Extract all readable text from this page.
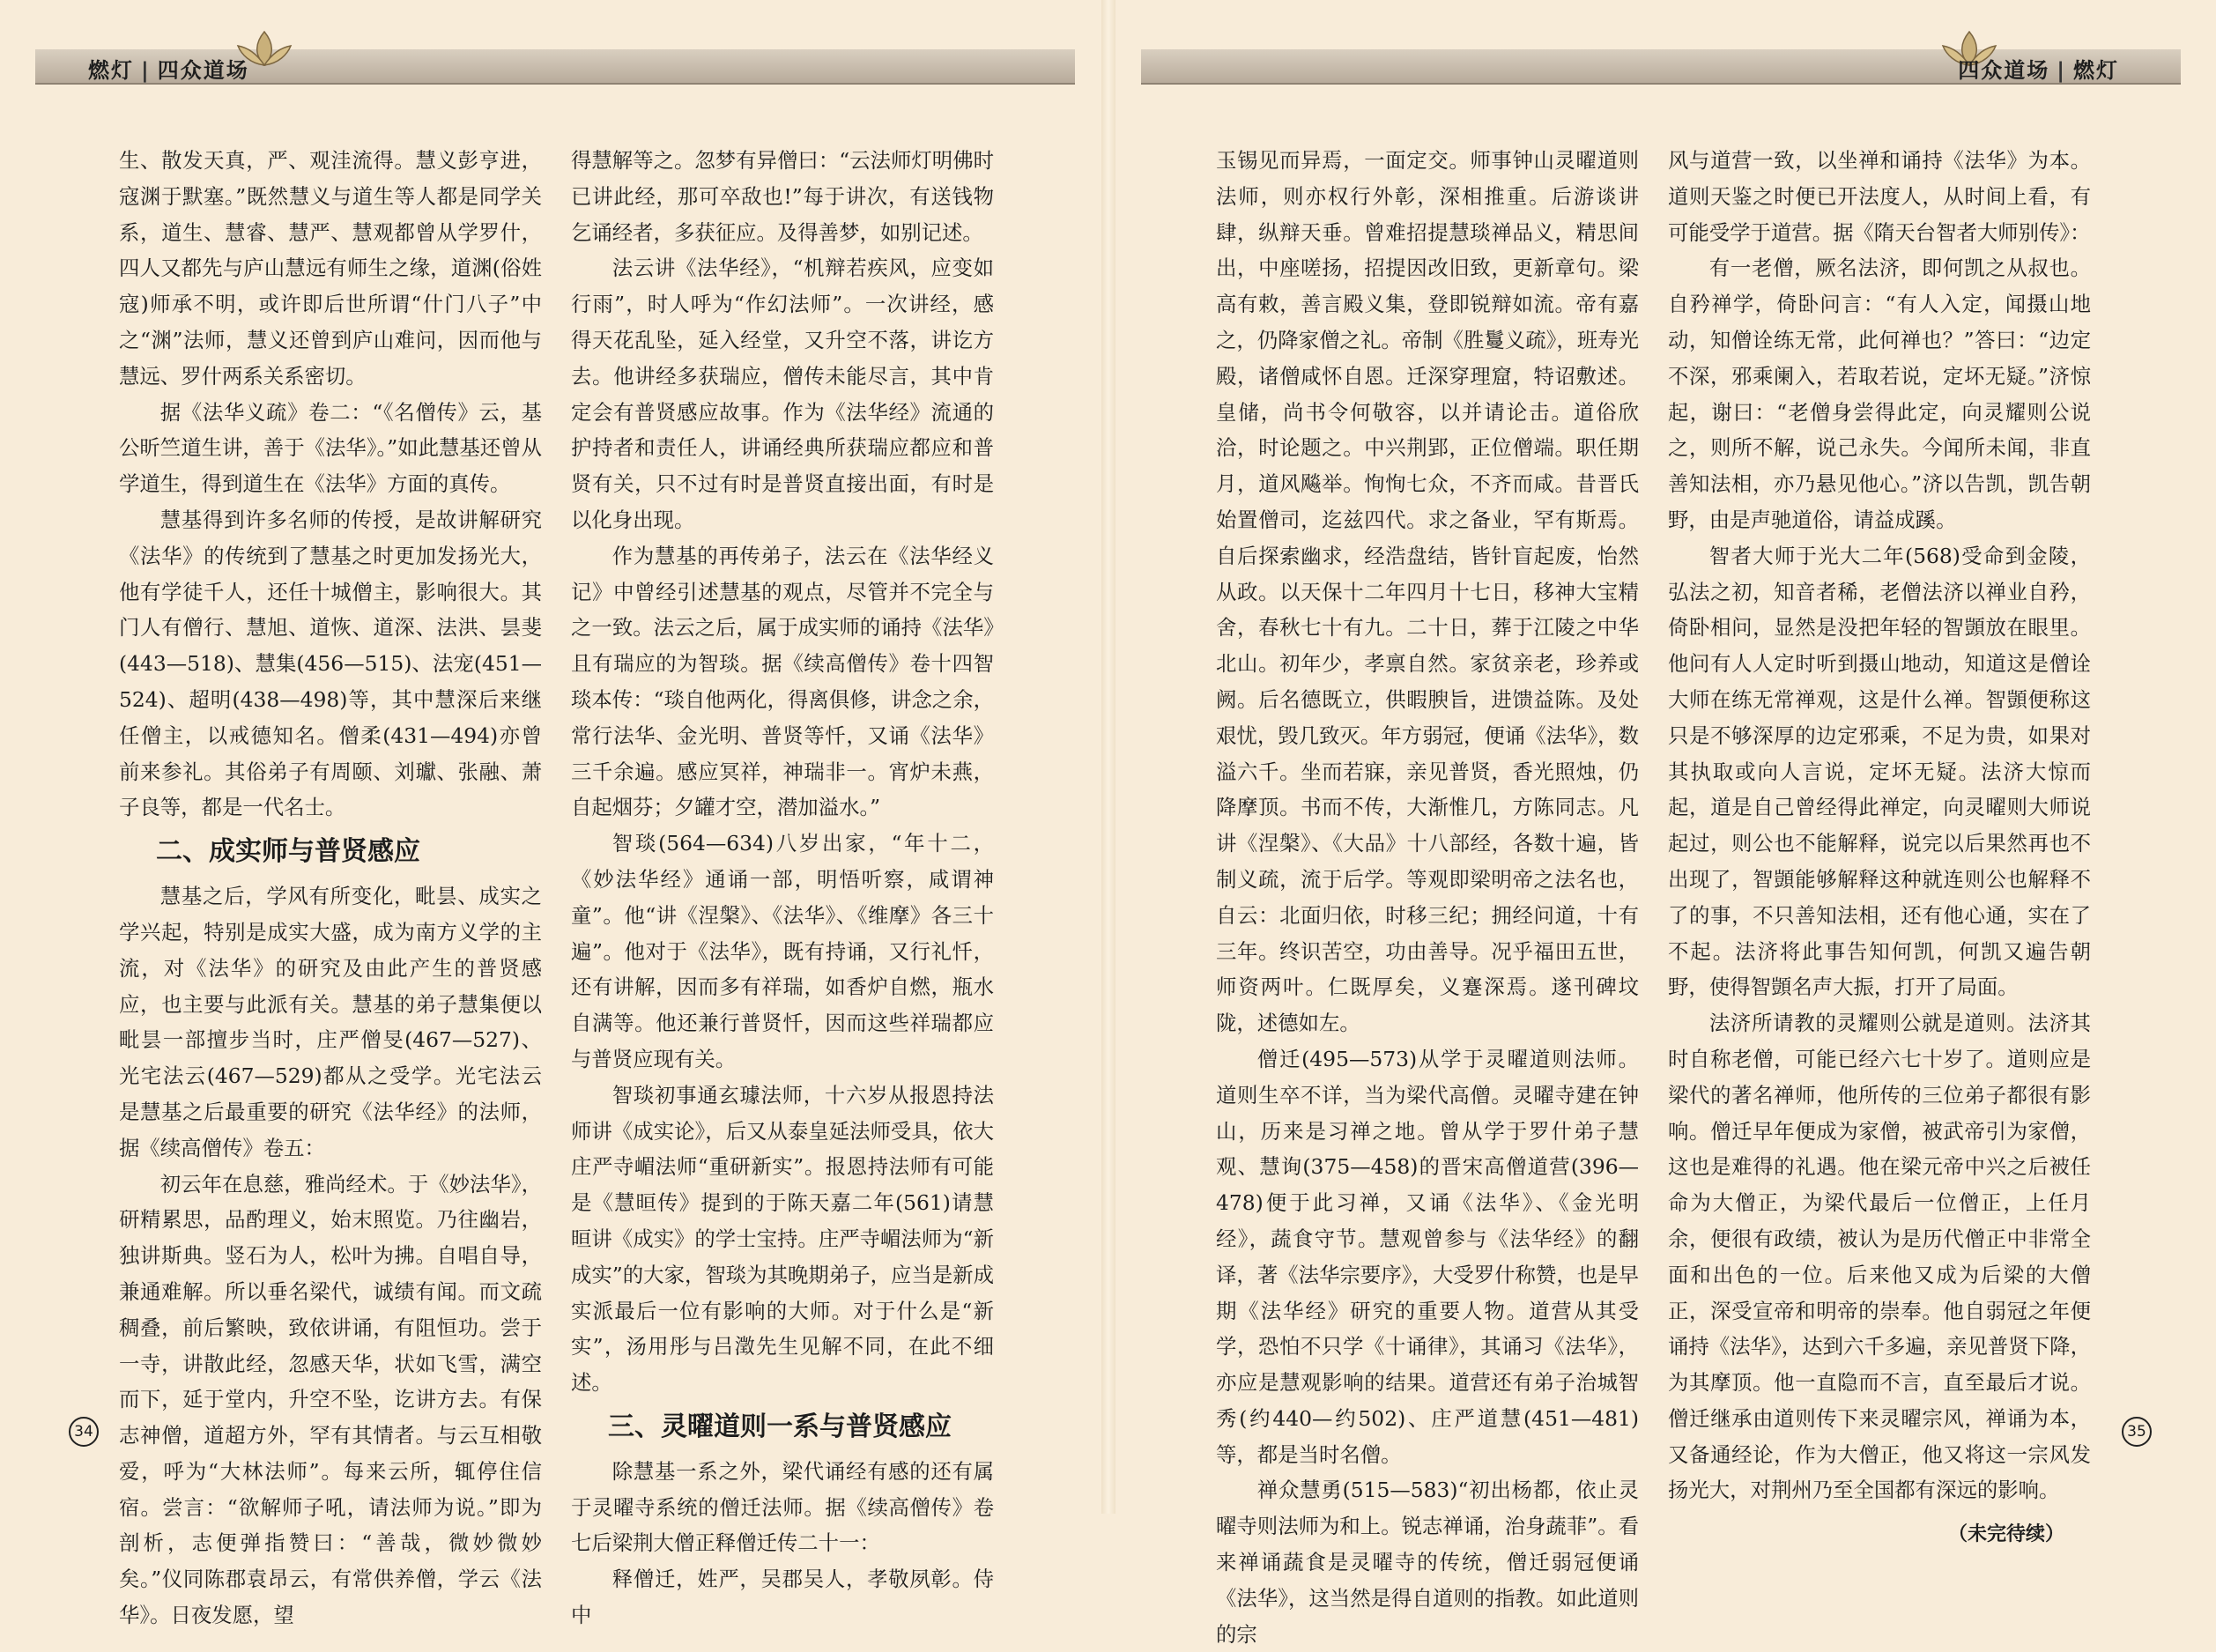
燃灯 | 四众道场	四众道场 | 燃灯

生、散发天真，严、观洼流得。慧义彭亨进，寇渊于默塞。”既然慧义与道生等人都是同学关系，道生、慧睿、慧严、慧观都曾从学罗什，四人又都先与庐山慧远有师生之缘，道渊(俗姓寇)师承不明，或许即后世所谓“什门八子”中之“渊”法师，慧义还曾到庐山难问，因而他与慧远、罗什两系关系密切。

据《法华义疏》卷二：“《名僧传》云，基公昕竺道生讲，善于《法华》。”如此慧基还曾从学道生，得到道生在《法华》方面的真传。

慧基得到许多名师的传授，是故讲解研究《法华》的传统到了慧基之时更加发扬光大，他有学徒千人，还任十城僧主，影响很大。其门人有僧行、慧旭、道恢、道深、法洪、昙斐(443—518)、慧集(456—515)、法宠(451—524)、超明(438—498)等，其中慧深后来继任僧主，以戒德知名。僧柔(431—494)亦曾前来参礼。其俗弟子有周颐、刘瓛、张融、萧子良等，都是一代名士。

二、成实师与普贤感应

慧基之后，学风有所变化，毗昙、成实之学兴起，特别是成实大盛，成为南方义学的主流，对《法华》的研究及由此产生的普贤感应，也主要与此派有关。慧基的弟子慧集便以毗昙一部擅步当时，庄严僧旻(467—527)、光宅法云(467—529)都从之受学。光宅法云是慧基之后最重要的研究《法华经》的法师，据《续高僧传》卷五：

初云年在息慈，雅尚经术。于《妙法华》，研精累思，品酌理义，始末照览。乃往幽岩，独讲斯典。竖石为人，松叶为拂。自唱自导，兼通难解。所以垂名梁代，诚绩有闻。而文疏稠叠，前后繁映，致依讲诵，有阻恒功。尝于一寺，讲散此经，忽感天华，状如飞雪，满空而下，延于堂内，升空不坠，讫讲方去。有保志神僧，道超方外，罕有其情者。与云互相敬爱，呼为“大林法师”。每来云所，辄停住信宿。尝言：“欲解师子吼，请法师为说。”即为剖析，志便弹指赞曰：“善哉，微妙微妙矣。”仪同陈郡袁昂云，有常供养僧，学云《法华》。日夜发愿，望

得慧解等之。忽梦有异僧曰：“云法师灯明佛时已讲此经，那可卒敌也!”每于讲次，有送钱物乞诵经者，多获征应。及得善梦，如别记述。

法云讲《法华经》，“机辩若疾风，应变如行雨”，时人呼为“作幻法师”。一次讲经，感得天花乱坠，延入经堂，又升空不落，讲讫方去。他讲经多获瑞应，僧传未能尽言，其中肯定会有普贤感应故事。作为《法华经》流通的护持者和责任人，讲诵经典所获瑞应都应和普贤有关，只不过有时是普贤直接出面，有时是以化身出现。

作为慧基的再传弟子，法云在《法华经义记》中曾经引述慧基的观点，尽管并不完全与之一致。法云之后，属于成实师的诵持《法华》且有瑞应的为智琰。据《续高僧传》卷十四智琰本传：“琰自他两化，得离俱修，讲念之余，常行法华、金光明、普贤等忏，又诵《法华》三千余遍。感应冥祥，神瑞非一。宵炉未燕，自起烟芬；夕罐才空，潜加溢水。”

智琰(564—634)八岁出家，“年十二，《妙法华经》通诵一部，明悟听察，咸谓神童”。他“讲《涅槃》、《法华》、《维摩》各三十遍”。他对于《法华》，既有持诵，又行礼忏，还有讲解，因而多有祥瑞，如香炉自燃，瓶水自满等。他还兼行普贤忏，因而这些祥瑞都应与普贤应现有关。

智琰初事通玄璩法师，十六岁从报恩持法师讲《成实论》，后又从泰皇延法师受具，依大庄严寺嵋法师“重研新实”。报恩持法师有可能是《慧晅传》提到的于陈天嘉二年(561)请慧晅讲《成实》的学士宝持。庄严寺嵋法师为“新成实”的大家，智琰为其晚期弟子，应当是新成实派最后一位有影响的大师。对于什么是“新实”，汤用彤与吕澂先生见解不同，在此不细述。

三、灵曜道则一系与普贤感应

除慧基一系之外，梁代诵经有感的还有属于灵曜寺系统的僧迁法师。据《续高僧传》卷七后梁荆大僧正释僧迁传二十一：

释僧迁，姓严，吴郡吴人，孝敬夙彰。侍中

玉锡见而异焉，一面定交。师事钟山灵曜道则法师，则亦权行外彰，深相推重。后游谈讲肆，纵辩天垂。曾难招提慧琰禅品义，精思间出，中座嗟扬，招提因改旧致，更新章句。梁高有敕，善言殿义集，登即锐辩如流。帝有嘉之，仍降家僧之礼。帝制《胜鬘义疏》，班寿光殿，诸僧咸怀自恩。迁深穿理窟，特诏敷述。皇储，尚书令何敬容，以并请论击。道俗欣洽，时论题之。中兴荆郢，正位僧端。职任期月，道风飚举。恂恂七众，不齐而咸。昔晋氏始置僧司，迄兹四代。求之备业，罕有斯焉。自后探索幽求，经浩盘结，皆针盲起废，怡然从政。以天保十二年四月十七日，移神大宝精舍，春秋七十有九。二十日，葬于江陵之中华北山。初年少，孝禀自然。家贫亲老，珍养或阙。后名德既立，供暇腴旨，进馈益陈。及处艰忧，毁几致灭。年方弱冠，便诵《法华》，数溢六千。坐而若寐，亲见普贤，香光照烛，仍降摩顶。书而不传，大渐惟几，方陈同志。凡讲《涅槃》、《大品》十八部经，各数十遍，皆制义疏，流于后学。等观即梁明帝之法名也，自云：北面归依，时移三纪；拥经问道，十有三年。终识苦空，功由善导。况乎福田五世，师资两叶。仁既厚矣，义蹇深焉。遂刊碑坟陇，述德如左。

僧迁(495—573)从学于灵曜道则法师。道则生卒不详，当为梁代高僧。灵曜寺建在钟山，历来是习禅之地。曾从学于罗什弟子慧观、慧询(375—458)的晋宋高僧道营(396—478)便于此习禅，又诵《法华》、《金光明经》，蔬食守节。慧观曾参与《法华经》的翻译，著《法华宗要序》，大受罗什称赞，也是早期《法华经》研究的重要人物。道营从其受学，恐怕不只学《十诵律》，其诵习《法华》，亦应是慧观影响的结果。道营还有弟子治城智秀(约440—约502)、庄严道慧(451—481)等，都是当时名僧。

禅众慧勇(515—583)“初出杨都，依止灵曜寺则法师为和上。锐志禅诵，治身蔬菲”。看来禅诵蔬食是灵曜寺的传统，僧迁弱冠便诵《法华》，这当然是得自道则的指教。如此道则的宗

风与道营一致，以坐禅和诵持《法华》为本。道则天鉴之时便已开法度人，从时间上看，有可能受学于道营。据《隋天台智者大师别传》：

有一老僧，厥名法济，即何凯之从叔也。自矜禅学，倚卧问言：“有人入定，闻摄山地动，知僧诠练无常，此何禅也？”答曰：“边定不深，邪乘阑入，若取若说，定坏无疑。”济惊起，谢曰：“老僧身尝得此定，向灵耀则公说之，则所不解，说己永失。今闻所未闻，非直善知法相，亦乃悬见他心。”济以告凯，凯告朝野，由是声驰道俗，请益成蹊。

智者大师于光大二年(568)受命到金陵，弘法之初，知音者稀，老僧法济以禅业自矜，倚卧相问，显然是没把年轻的智顗放在眼里。他问有人人定时听到摄山地动，知道这是僧诠大师在练无常禅观，这是什么禅。智顗便称这只是不够深厚的边定邪乘，不足为贵，如果对其执取或向人言说，定坏无疑。法济大惊而起，道是自己曾经得此禅定，向灵曜则大师说起过，则公也不能解释，说完以后果然再也不出现了，智顗能够解释这种就连则公也解释不了的事，不只善知法相，还有他心通，实在了不起。法济将此事告知何凯，何凯又遍告朝野，使得智顗名声大振，打开了局面。

法济所请教的灵耀则公就是道则。法济其时自称老僧，可能已经六七十岁了。道则应是梁代的著名禅师，他所传的三位弟子都很有影响。僧迁早年便成为家僧，被武帝引为家僧，这也是难得的礼遇。他在梁元帝中兴之后被任命为大僧正，为梁代最后一位僧正，上任月余，便很有政绩，被认为是历代僧正中非常全面和出色的一位。后来他又成为后梁的大僧正，深受宣帝和明帝的崇奉。他自弱冠之年便诵持《法华》，达到六千多遍，亲见普贤下降，为其摩顶。他一直隐而不言，直至最后才说。僧迁继承由道则传下来灵曜宗风，禅诵为本，又备通经论，作为大僧正，他又将这一宗风发扬光大，对荆州乃至全国都有深远的影响。

（未完待续）
34	35
